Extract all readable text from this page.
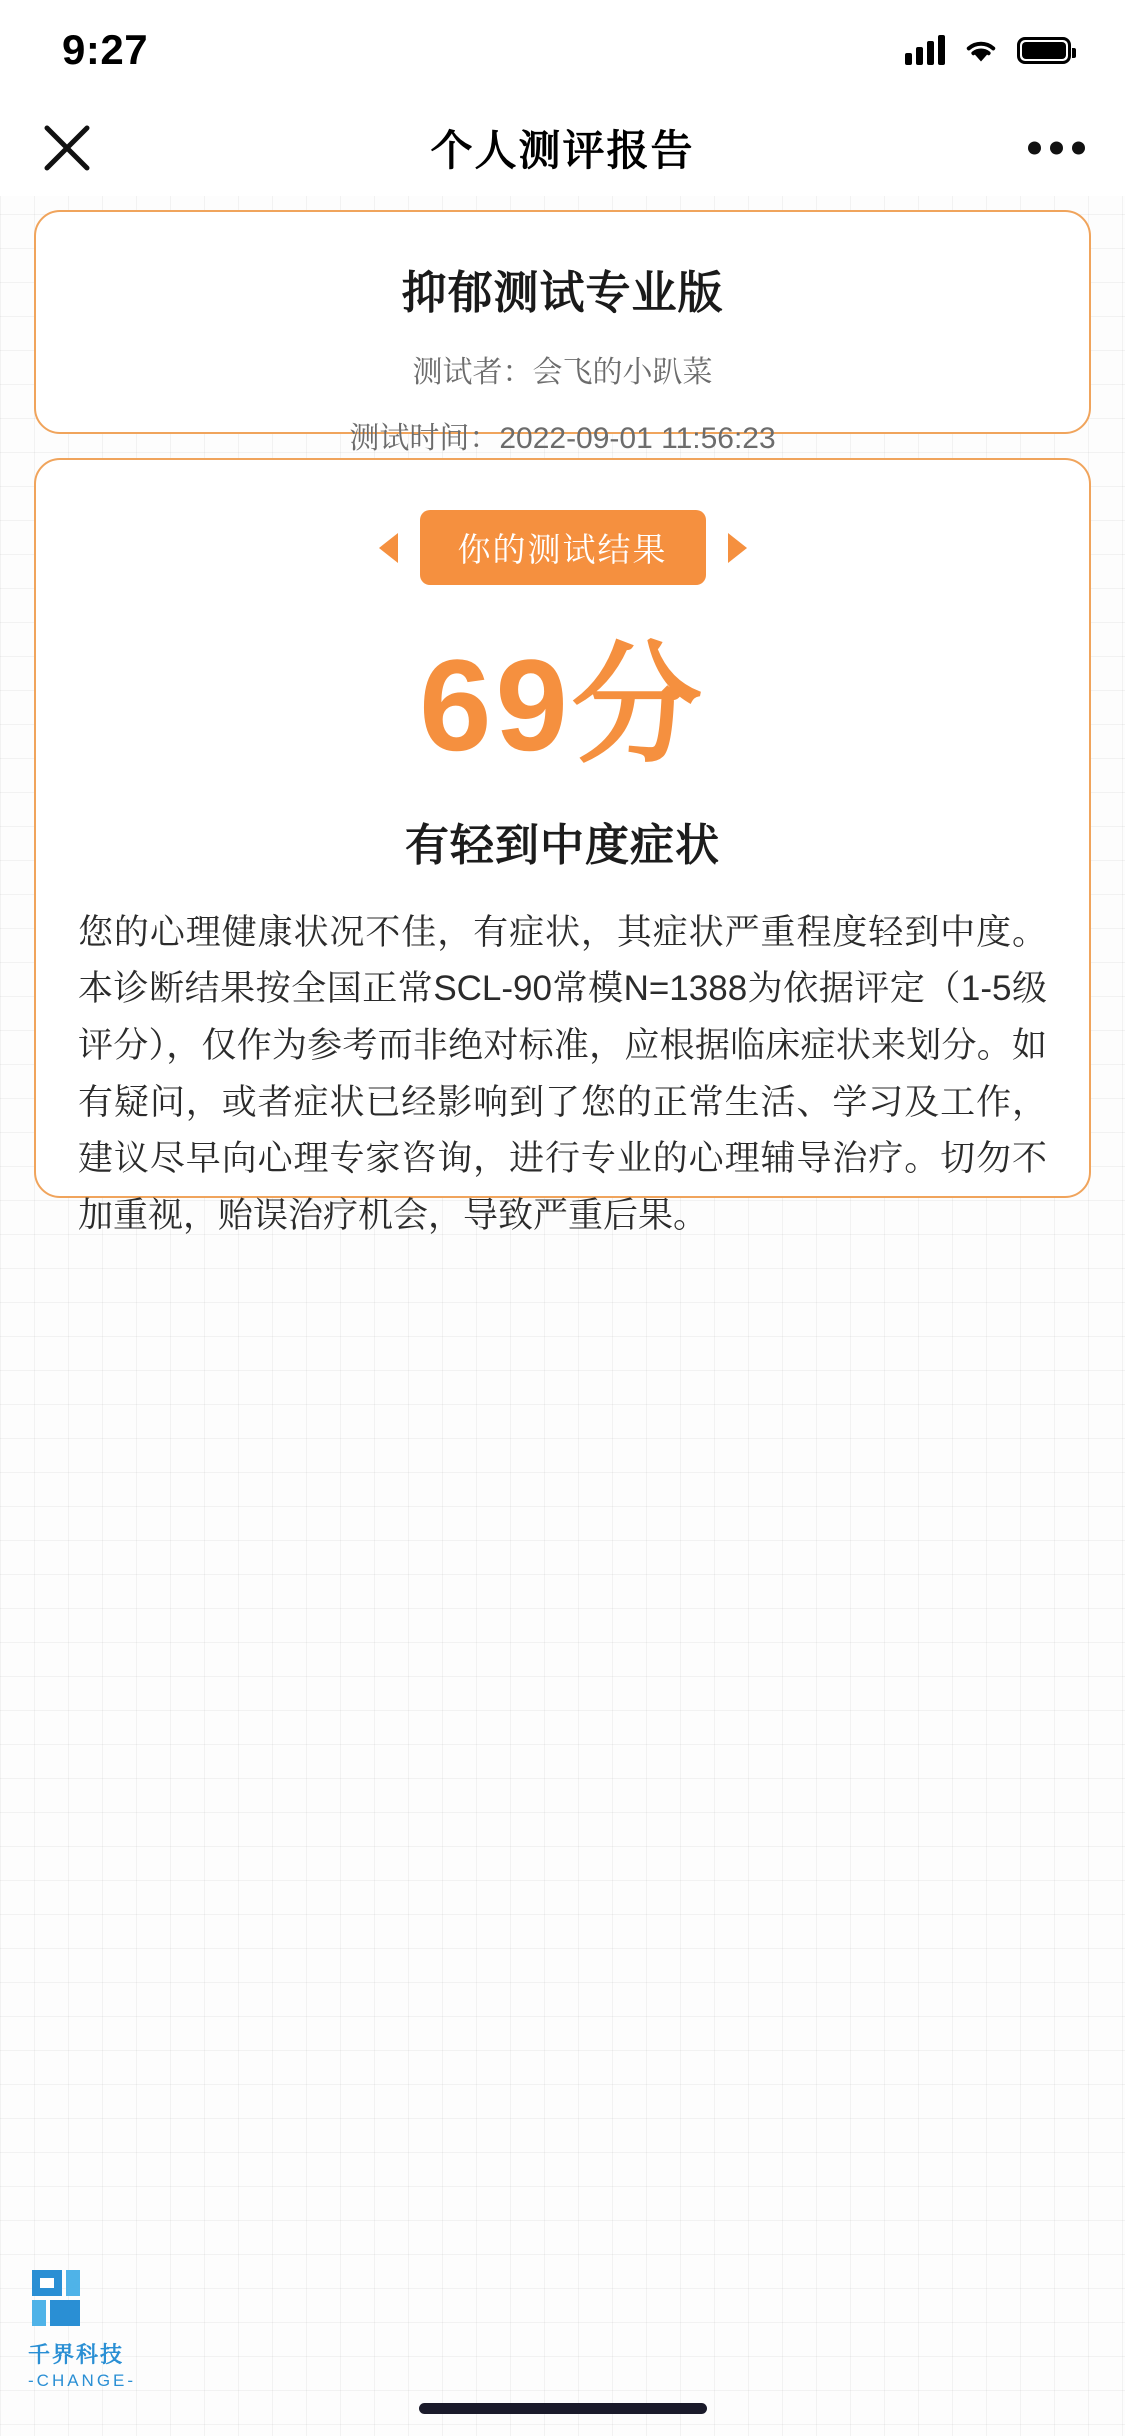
9:27
个人测评报告
抑郁测试专业版
测试者：会飞的小趴菜
测试时间：2022-09-01 11:56:23
你的测试结果
69分
有轻到中度症状
您的心理健康状况不佳，有症状，其症状严重程度轻到中度。本诊断结果按全国正常SCL-90常模N=1388为依据评定（1-5级评分），仅作为参考而非绝对标准，应根据临床症状来划分。如有疑问，或者症状已经影响到了您的正常生活、学习及工作，建议尽早向心理专家咨询，进行专业的心理辅导治疗。切勿不加重视，贻误治疗机会，导致严重后果。
千界科技
-CHANGE-
